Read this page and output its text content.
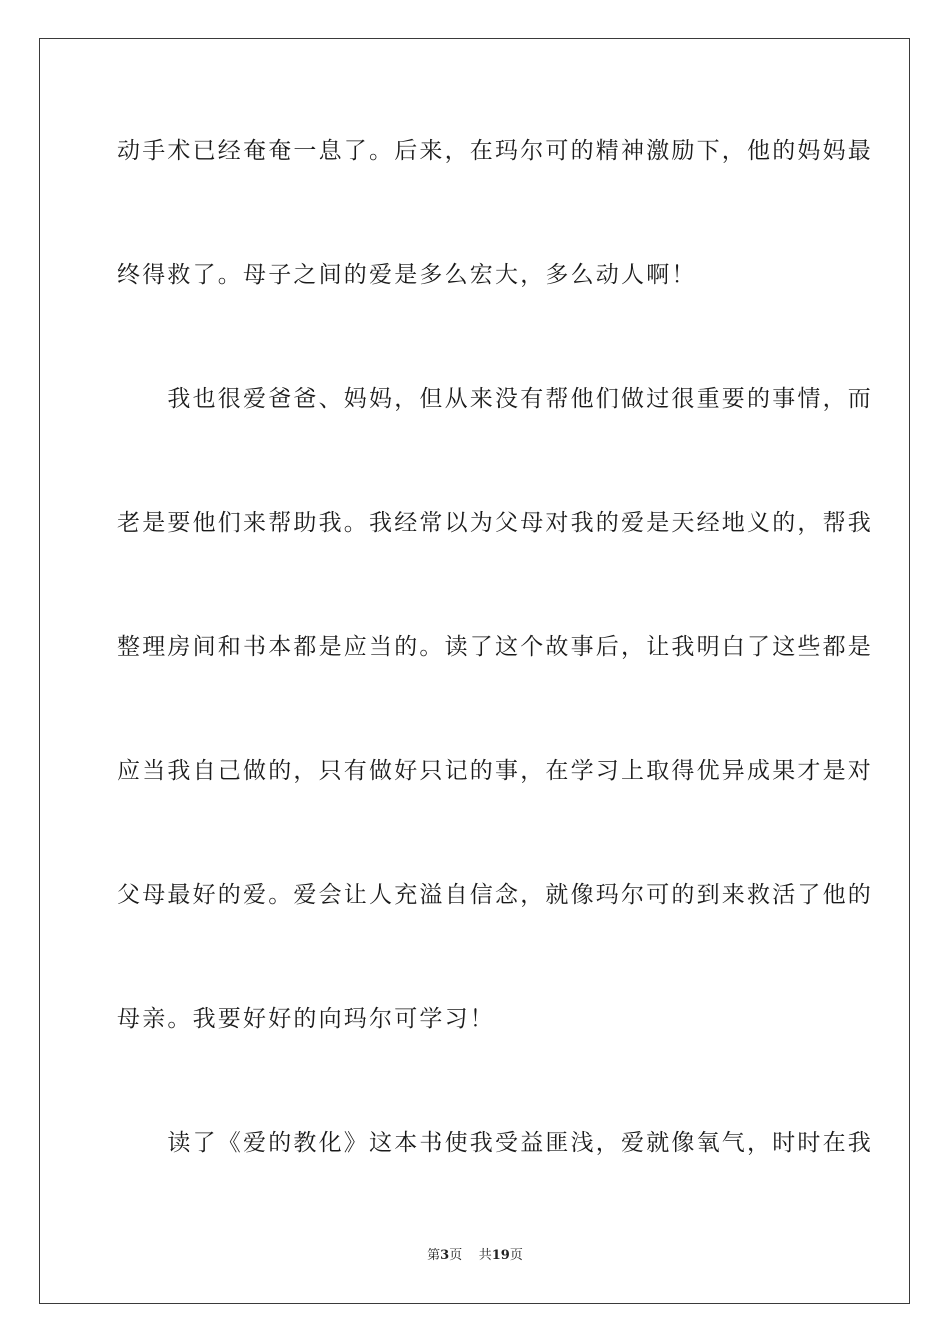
动手术已经奄奄一息了。后来，在玛尔可的精神激励下，他的妈妈最
终得救了。母子之间的爱是多么宏大，多么动人啊！
　　我也很爱爸爸、妈妈，但从来没有帮他们做过很重要的事情，而
老是要他们来帮助我。我经常以为父母对我的爱是天经地义的，帮我
整理房间和书本都是应当的。读了这个故事后，让我明白了这些都是
应当我自己做的，只有做好只记的事，在学习上取得优异成果才是对
父母最好的爱。爱会让人充溢自信念，就像玛尔可的到来救活了他的
母亲。我要好好的向玛尔可学习！
　　读了《爱的教化》这本书使我受益匪浅，爱就像氧气，时时在我
第3页 共19页
